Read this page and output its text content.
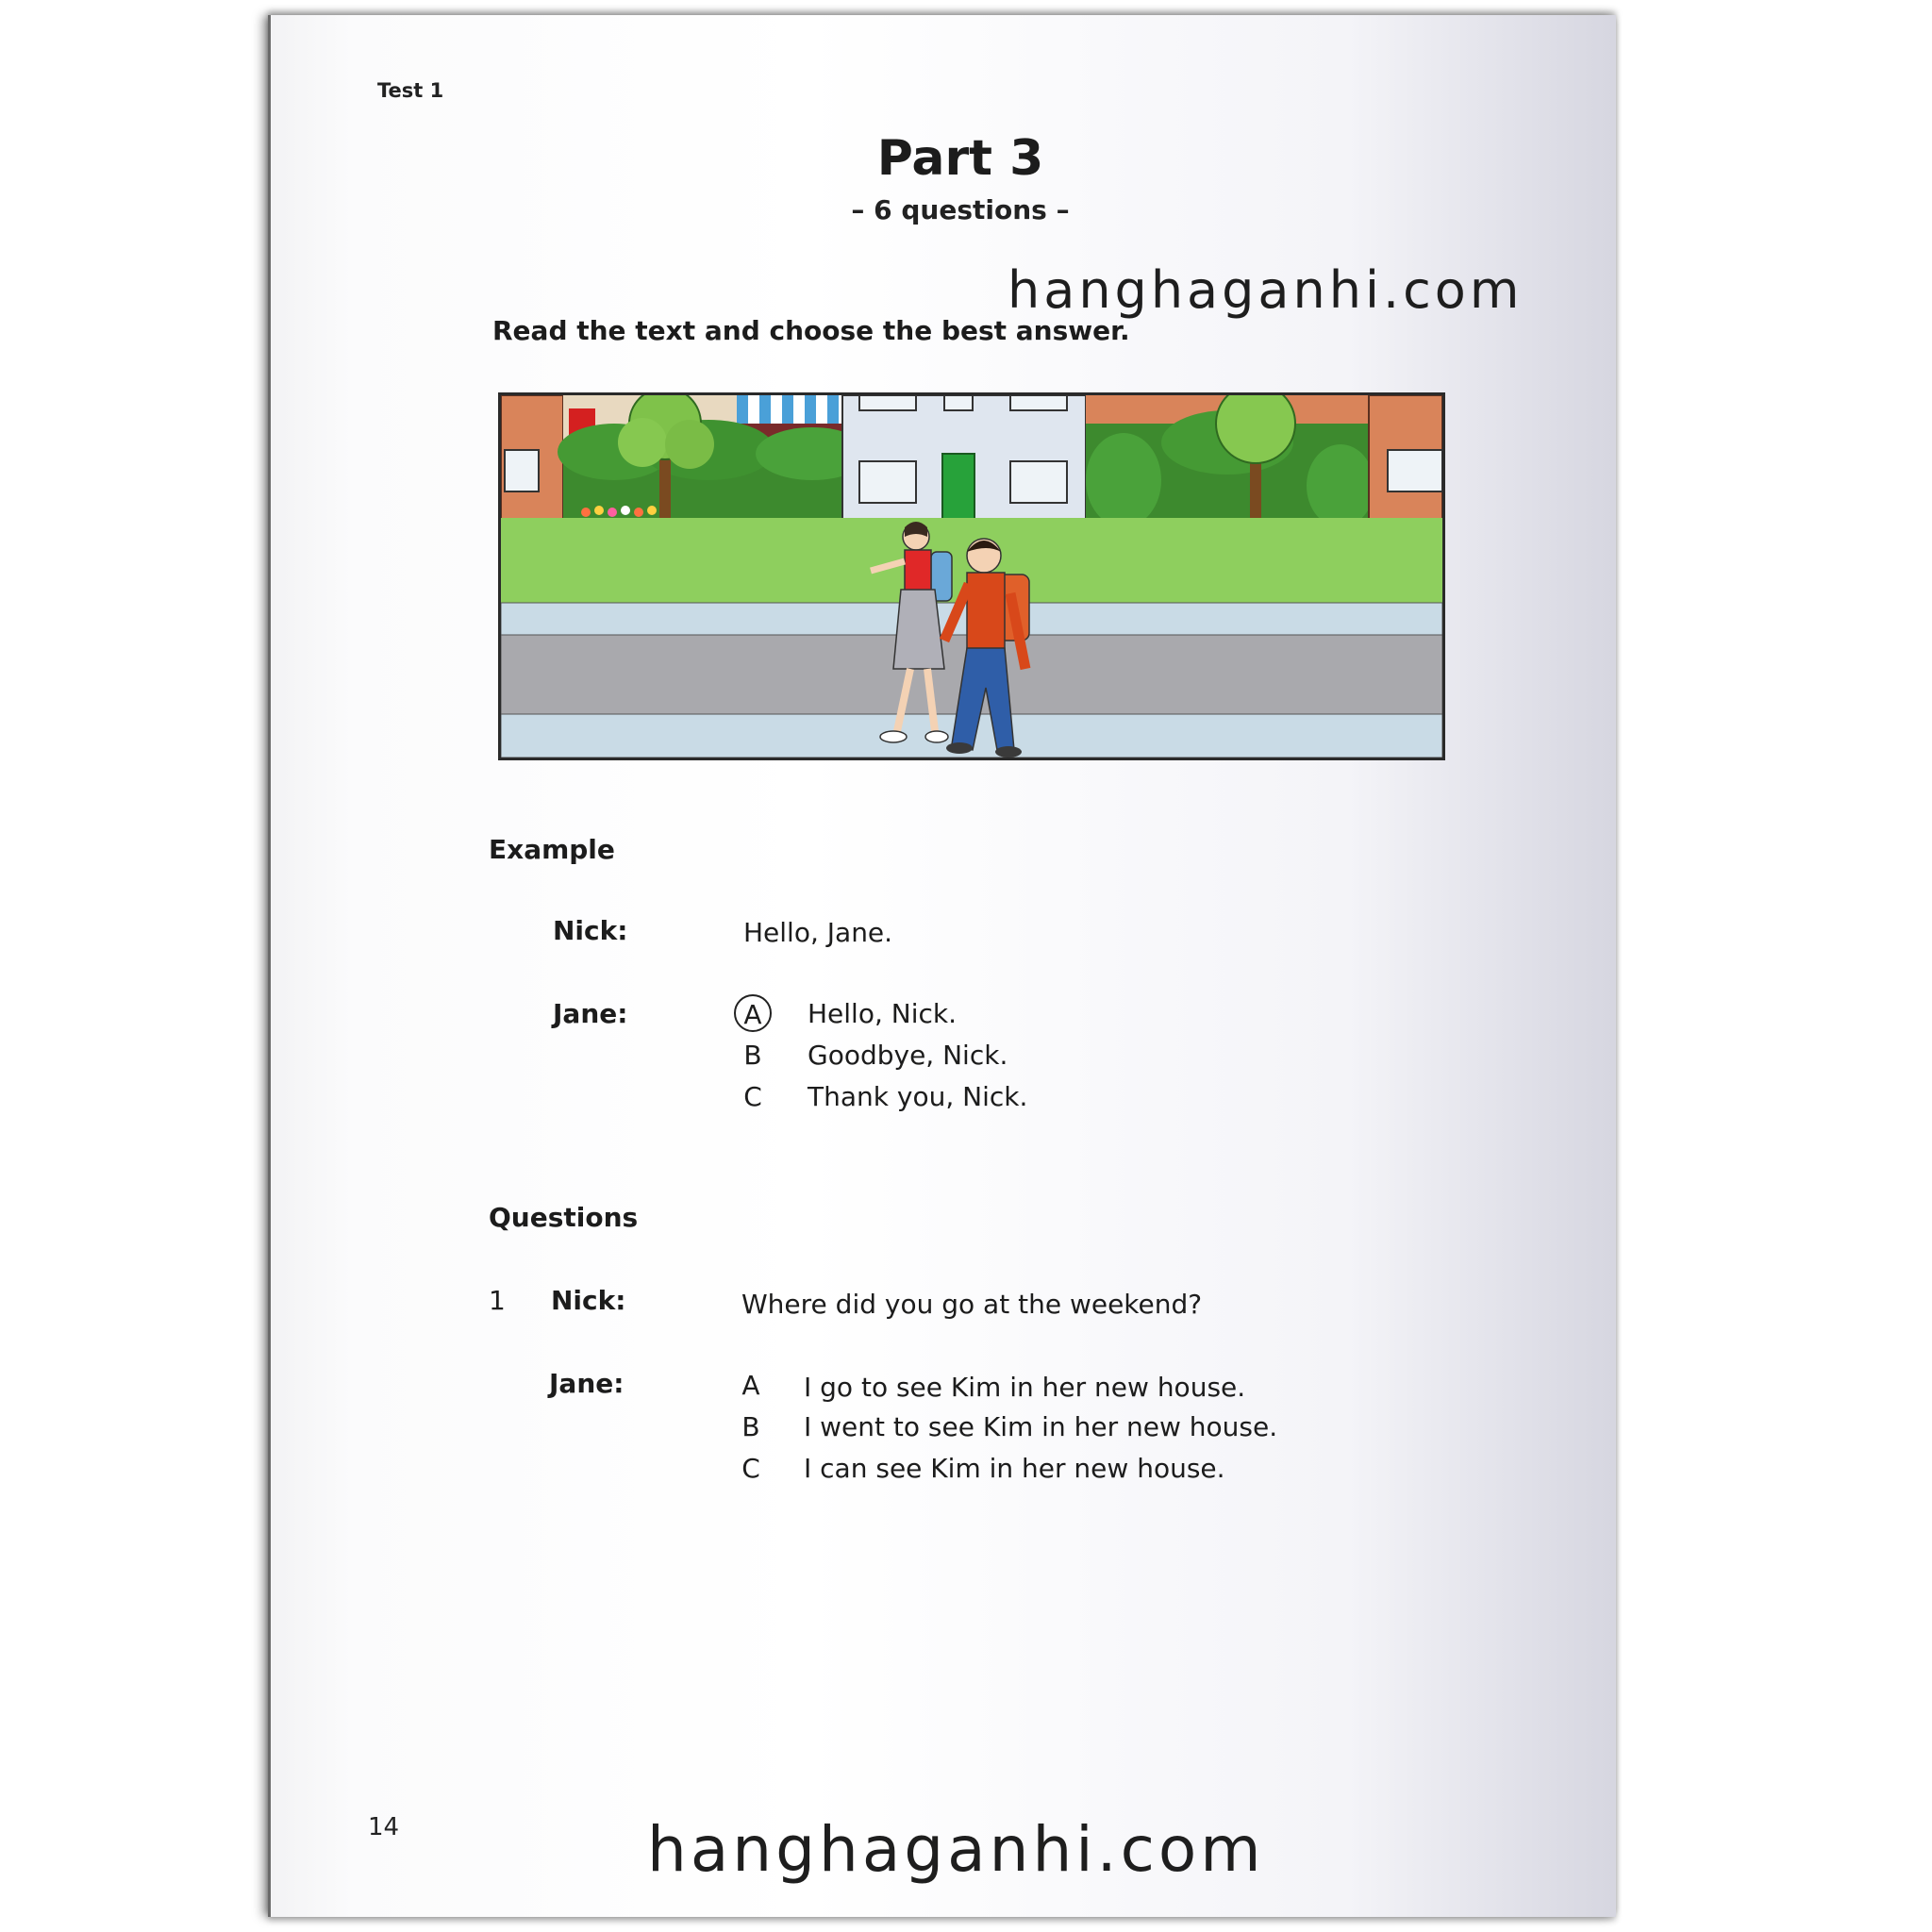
Test 1
Part 3
– 6 questions –
hanghaganhi.com
Read the text and choose the best answer.
Example
Nick:	Hello, Jane.
Jane:	A	Hello, Nick.
B	Goodbye, Nick.
C	Thank you, Nick.
Questions
1 Nick:	Where did you go at the weekend?
Jane:	A	I go to see Kim in her new house.
B	I went to see Kim in her new house.
C	I can see Kim in her new house.
14	hanghaganhi.com
